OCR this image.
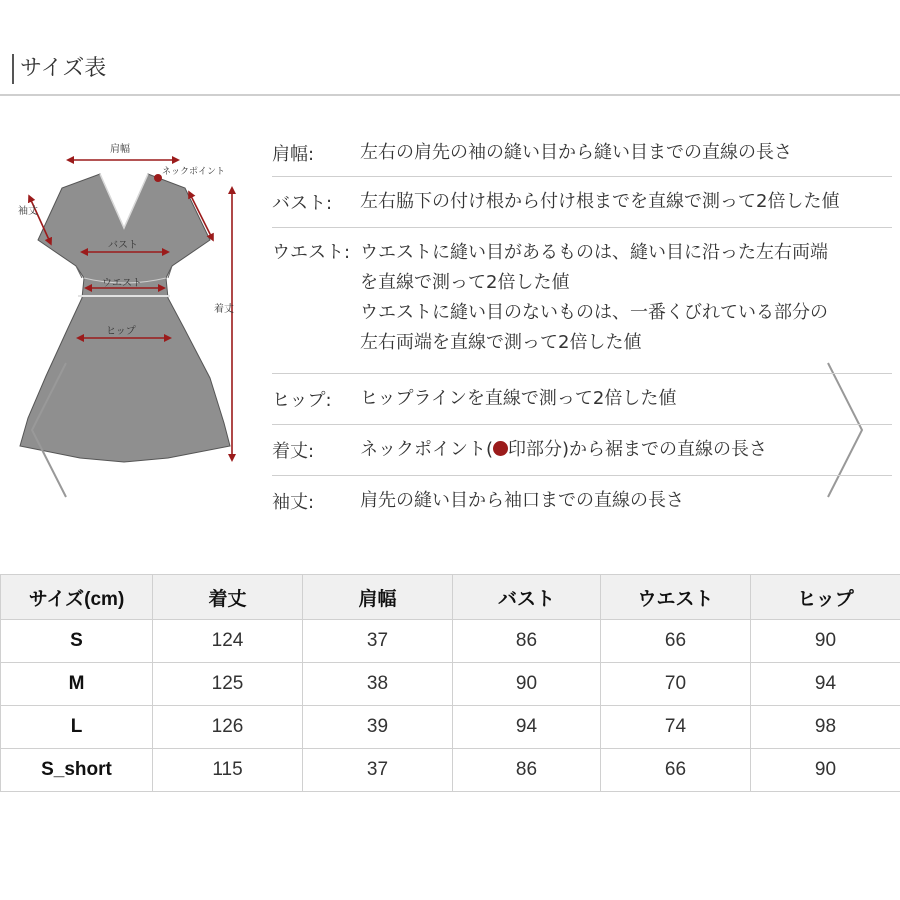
サイズ表
肩幅
ネックポイント
袖丈
バスト
ウエスト
ヒップ
着丈
肩幅:	左右の肩先の袖の縫い目から縫い目までの直線の長さ
バスト:	左右脇下の付け根から付け根までを直線で測って2倍した値
ウエスト: ウエストに縫い目があるものは、縫い目に沿った左右両端
を直線で測って2倍した値
ウエストに縫い目のないものは、一番くびれている部分の
左右両端を直線で測って2倍した値
ヒップ:	ヒップラインを直線で測って2倍した値
着丈:	ネックポイント( 印部分)から裾までの直線の長さ
袖丈:	肩先の縫い目から袖口までの直線の長さ
サイズ(cm)	着丈	肩幅	バスト	ウエスト	ヒップ
S	124	37	86	66	90
M	125	38	90	70	94
L	126	39	94	74	98
S_short	115	37	86	66	90
